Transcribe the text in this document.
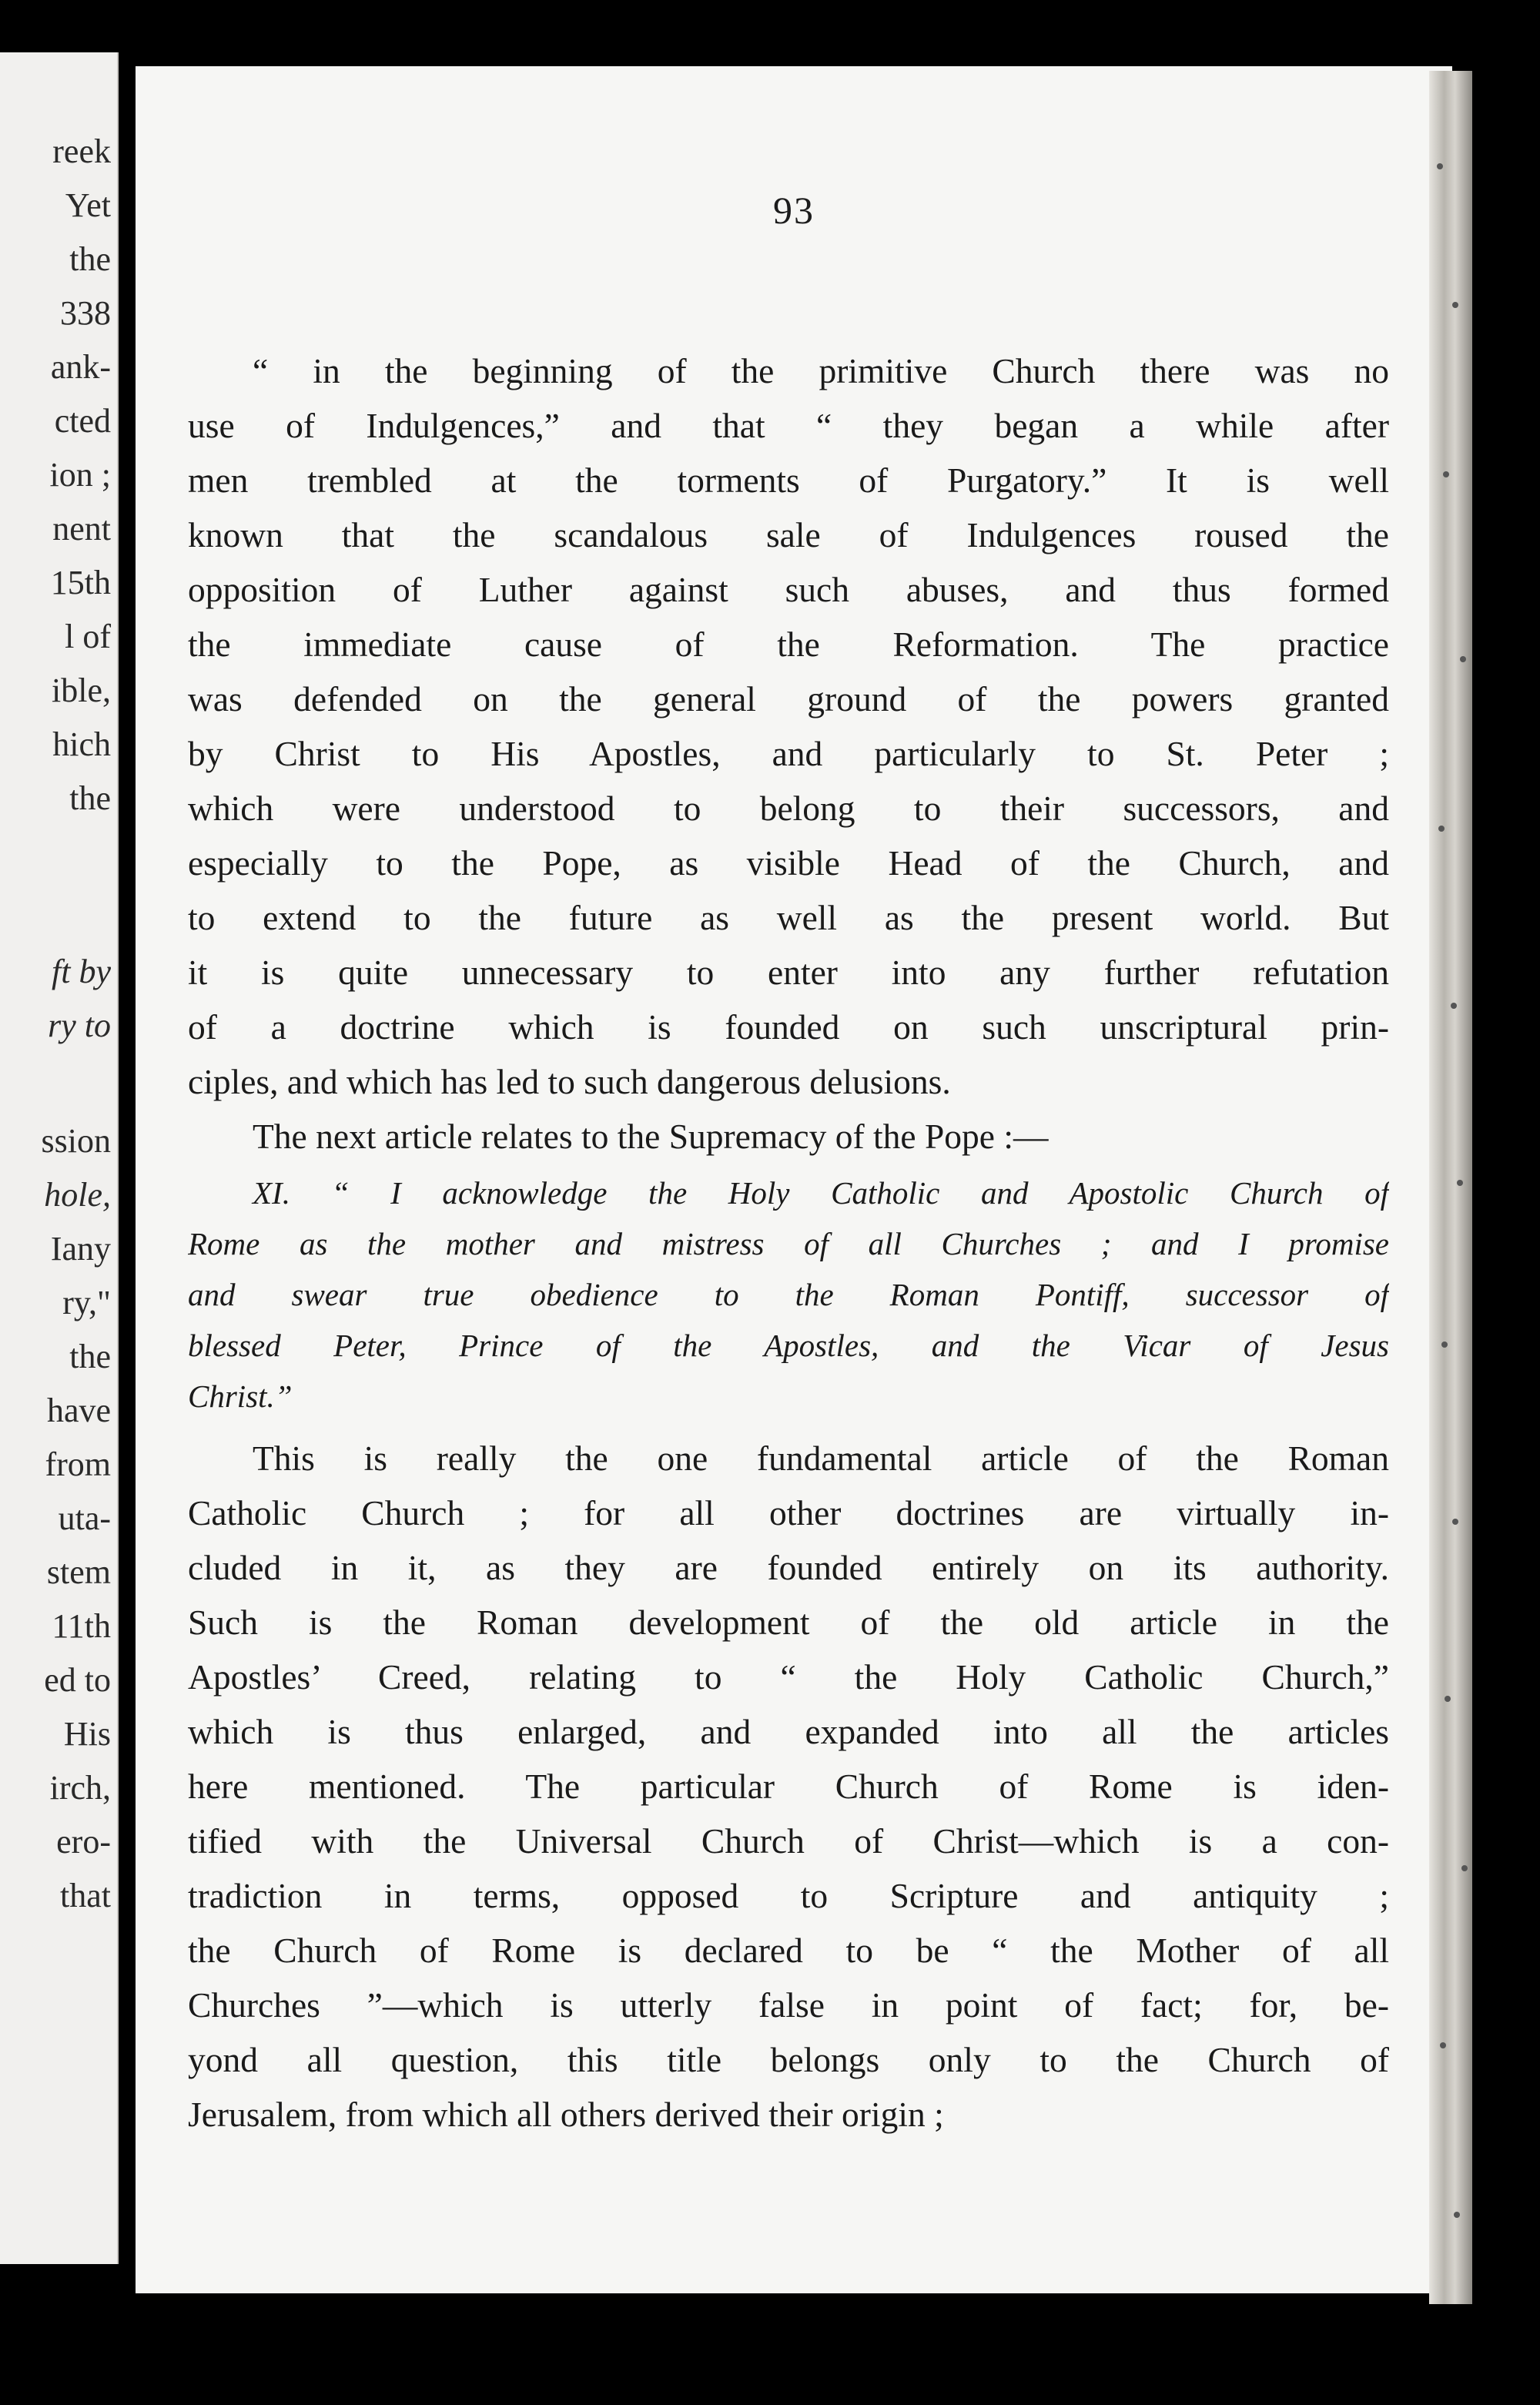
reek

Yet

the

338

ank-

cted

ion ;

nent

15th

l of

ible,

hich

the

ft by

ry to

ssion

hole,

Iany

ry,"

the

have

from

uta-

stem

11th

ed to

His

irch,

ero-

that

93

“ in the beginning of the primitive Church there was no
use of Indulgences,” and that “ they began a while after
men trembled at the torments of Purgatory.” It is well
known that the scandalous sale of Indulgences roused the
opposition of Luther against such abuses, and thus formed
the immediate cause of the Reformation. The practice
was defended on the general ground of the powers granted
by Christ to His Apostles, and particularly to St. Peter ;
which were understood to belong to their successors, and
especially to the Pope, as visible Head of the Church, and
to extend to the future as well as the present world. But
it is quite unnecessary to enter into any further refutation
of a doctrine which is founded on such unscriptural prin-
ciples, and which has led to such dangerous delusions.
The next article relates to the Supremacy of the Pope :—
XI. “ I acknowledge the Holy Catholic and Apostolic Church of
Rome as the mother and mistress of all Churches ; and I promise
and swear true obedience to the Roman Pontiff, successor of
blessed Peter, Prince of the Apostles, and the Vicar of Jesus
Christ.”
This is really the one fundamental article of the Roman
Catholic Church ; for all other doctrines are virtually in-
cluded in it, as they are founded entirely on its authority.
Such is the Roman development of the old article in the
Apostles’ Creed, relating to “ the Holy Catholic Church,”
which is thus enlarged, and expanded into all the articles
here mentioned. The particular Church of Rome is iden-
tified with the Universal Church of Christ—which is a con-
tradiction in terms, opposed to Scripture and antiquity ;
the Church of Rome is declared to be “ the Mother of all
Churches ”—which is utterly false in point of fact; for, be-
yond all question, this title belongs only to the Church of
Jerusalem, from which all others derived their origin ;
